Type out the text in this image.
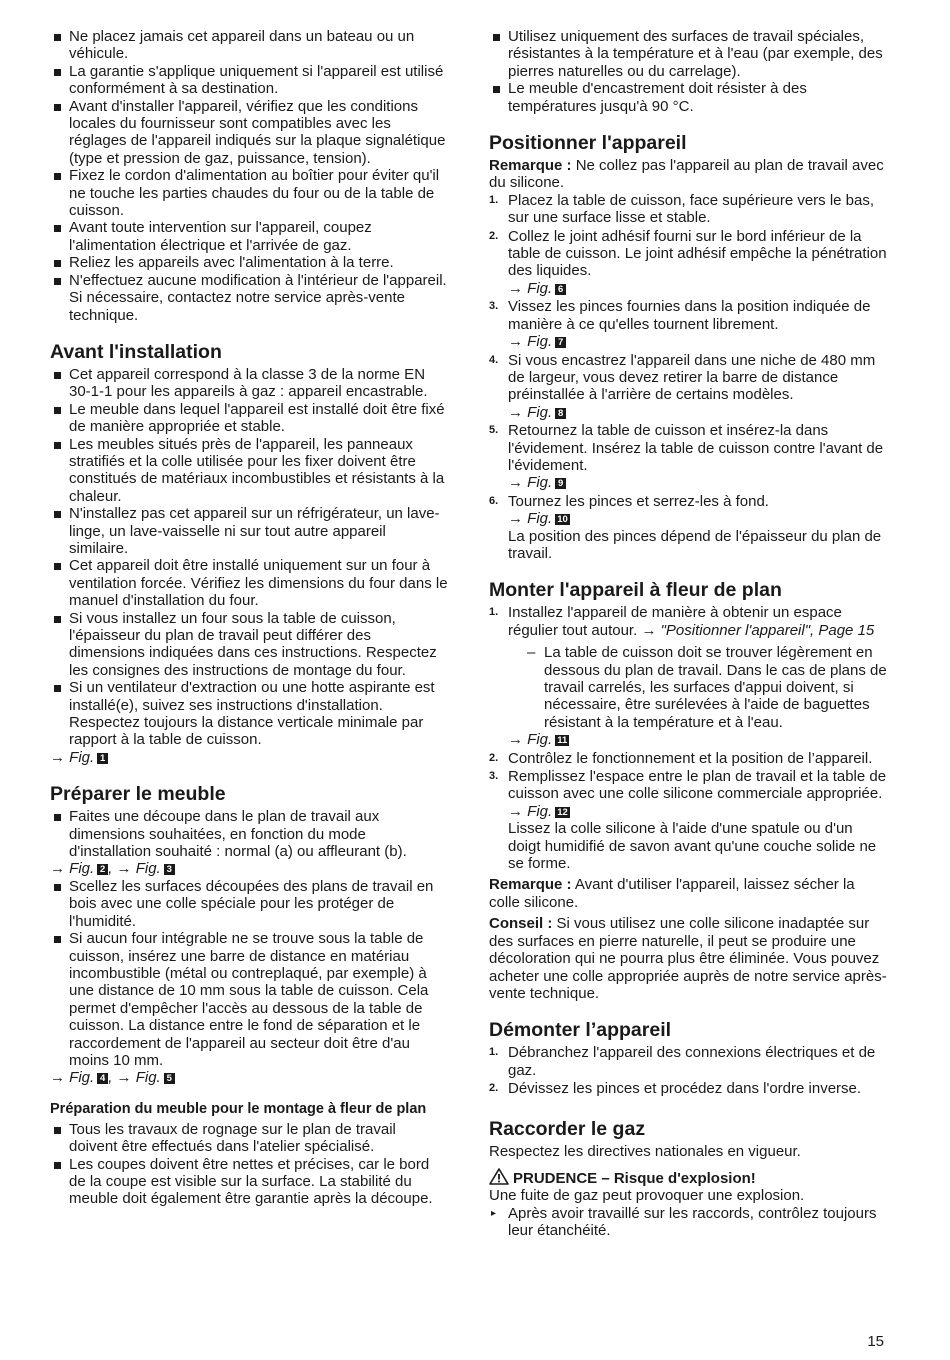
Ne placez jamais cet appareil dans un bateau ou un véhicule.
La garantie s'applique uniquement si l'appareil est utilisé conformément à sa destination.
Avant d'installer l'appareil, vérifiez que les conditions locales du fournisseur sont compatibles avec les réglages de l'appareil indiqués sur la plaque signalétique (type et pression de gaz, puissance, tension).
Fixez le cordon d'alimentation au boîtier pour éviter qu'il ne touche les parties chaudes du four ou de la table de cuisson.
Avant toute intervention sur l'appareil, coupez l'alimentation électrique et l'arrivée de gaz.
Reliez les appareils avec l'alimentation à la terre.
N'effectuez aucune modification à l'intérieur de l'appareil. Si nécessaire, contactez notre service après-vente technique.
Avant l'installation
Cet appareil correspond à la classe 3 de la norme EN 30-1-1 pour les appareils à gaz : appareil encastrable.
Le meuble dans lequel l'appareil est installé doit être fixé de manière appropriée et stable.
Les meubles situés près de l'appareil, les panneaux stratifiés et la colle utilisée pour les fixer doivent être constitués de matériaux incombustibles et résistants à la chaleur.
N'installez pas cet appareil sur un réfrigérateur, un lave-linge, un lave-vaisselle ni sur tout autre appareil similaire.
Cet appareil doit être installé uniquement sur un four à ventilation forcée. Vérifiez les dimensions du four dans le manuel d'installation du four.
Si vous installez un four sous la table de cuisson, l'épaisseur du plan de travail peut différer des dimensions indiquées dans ces instructions. Respectez les consignes des instructions de montage du four.
Si un ventilateur d'extraction ou une hotte aspirante est installé(e), suivez ses instructions d'installation. Respectez toujours la distance verticale minimale par rapport à la table de cuisson.

→ Fig. 1

Préparer le meuble
Faites une découpe dans le plan de travail aux dimensions souhaitées, en fonction du mode d'installation souhaité : normal (a) ou affleurant (b).

→ Fig. 2 , → Fig. 3

Scellez les surfaces découpées des plans de travail en bois avec une colle spéciale pour les protéger de l'humidité.
Si aucun four intégrable ne se trouve sous la table de cuisson, insérez une barre de distance en matériau incombustible (métal ou contreplaqué, par exemple) à une distance de 10 mm sous la table de cuisson. Cela permet d'empêcher l'accès au dessous de la table de cuisson. La distance entre le fond de séparation et le raccordement de l'appareil au secteur doit être d'au moins 10 mm.

→ Fig. 4 , → Fig. 5

Préparation du meuble pour le montage à fleur de plan
Tous les travaux de rognage sur le plan de travail doivent être effectués dans l'atelier spécialisé.
Les coupes doivent être nettes et précises, car le bord de la coupe est visible sur la surface. La stabilité du meuble doit également être garantie après la découpe.
Utilisez uniquement des surfaces de travail spéciales, résistantes à la température et à l'eau (par exemple, des pierres naturelles ou du carrelage).
Le meuble d'encastrement doit résister à des températures jusqu'à 90 °C.
Positionner l'appareil

Remarque : Ne collez pas l'appareil au plan de travail avec du silicone.

1. Placez la table de cuisson, face supérieure vers le bas, sur une surface lisse et stable.
2. Collez le joint adhésif fourni sur le bord inférieur de la table de cuisson. Le joint adhésif empêche la pénétration des liquides.
→ Fig. 6
3. Vissez les pinces fournies dans la position indiquée de manière à ce qu'elles tournent librement.
→ Fig. 7
4. Si vous encastrez l'appareil dans une niche de 480 mm de largeur, vous devez retirer la barre de distance préinstallée à l'arrière de certains modèles.
→ Fig. 8
5. Retournez la table de cuisson et insérez-la dans l'évidement. Insérez la table de cuisson contre l'avant de l'évidement.
→ Fig. 9
6. Tournez les pinces et serrez-les à fond.
→ Fig. 10
La position des pinces dépend de l'épaisseur du plan de travail.
Monter l'appareil à fleur de plan
1. Installez l'appareil de manière à obtenir un espace régulier tout autour. → "Positionner l'appareil", Page 15
– La table de cuisson doit se trouver légèrement en dessous du plan de travail. Dans le cas de plans de travail carrelés, les surfaces d'appui doivent, si nécessaire, être surélevées à l'aide de baguettes résistant à la température et à l'eau.
→ Fig. 11
2. Contrôlez le fonctionnement et la position de l’appareil.
3. Remplissez l'espace entre le plan de travail et la table de cuisson avec une colle silicone commerciale appropriée.
→ Fig. 12
Lissez la colle silicone à l'aide d'une spatule ou d'un doigt humidifié de savon avant qu'une couche solide ne se forme.

Remarque : Avant d'utiliser l'appareil, laissez sécher la colle silicone.

Conseil : Si vous utilisez une colle silicone inadaptée sur des surfaces en pierre naturelle, il peut se produire une décoloration qui ne pourra plus être éliminée. Vous pouvez acheter une colle appropriée auprès de notre service après-vente technique.

Démonter l’appareil
1. Débranchez l'appareil des connexions électriques et de gaz.
2. Dévissez les pinces et procédez dans l'ordre inverse.
Raccorder le gaz

Respectez les directives nationales en vigueur.

PRUDENCE – Risque d'explosion!

Une fuite de gaz peut provoquer une explosion.

▸ Après avoir travaillé sur les raccords, contrôlez toujours leur étanchéité.
15
